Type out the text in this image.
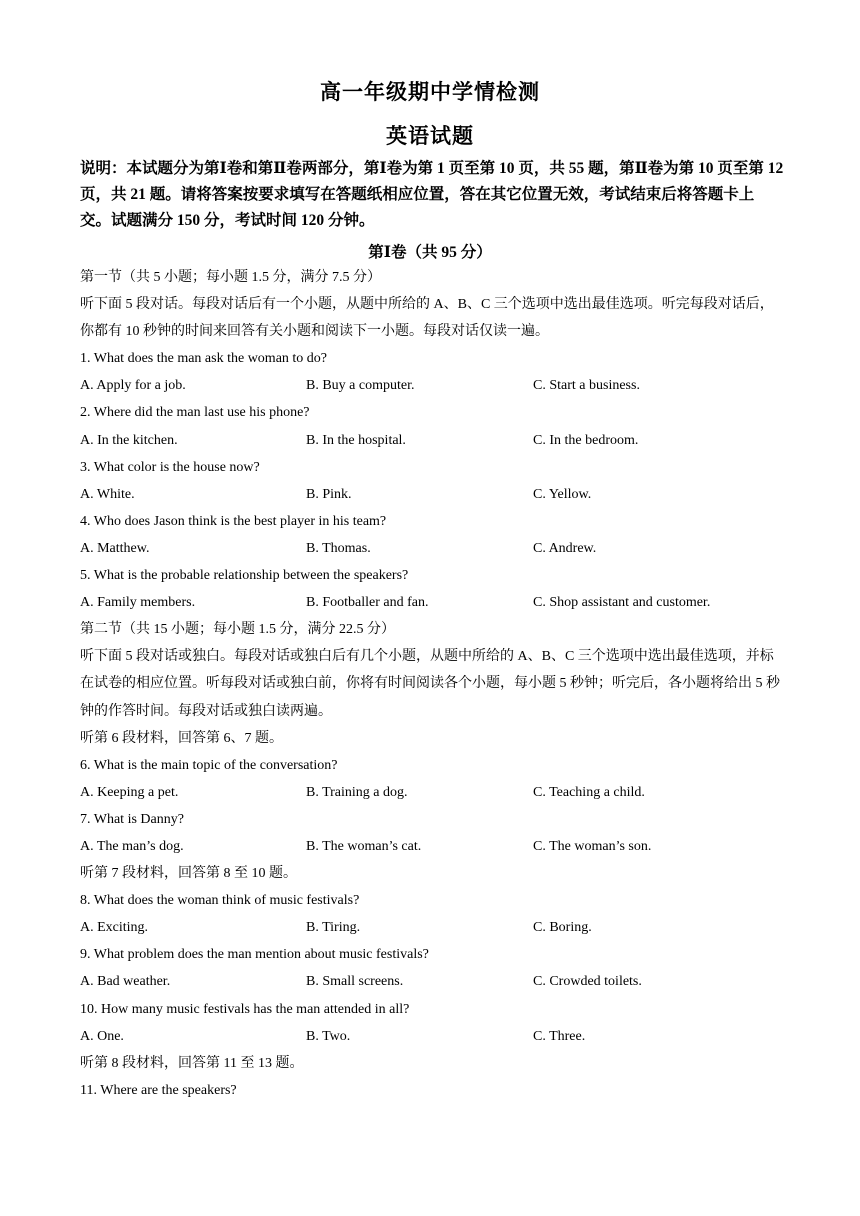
高一年级期中学情检测
英语试题
说明：本试题分为第Ⅰ卷和第Ⅱ卷两部分，第Ⅰ卷为第 1 页至第 10 页，共 55 题，第Ⅱ卷为第 10 页至第 12 页，共 21 题。请将答案按要求填写在答题纸相应位置，答在其它位置无效，考试结束后将答题卡上交。试题满分 150 分，考试时间 120 分钟。
第Ⅰ卷（共 95 分）
第一节（共 5 小题；每小题 1.5 分，满分 7.5 分）
听下面 5 段对话。每段对话后有一个小题，从题中所给的 A、B、C 三个选项中选出最佳选项。听完每段对话后，你都有 10 秒钟的时间来回答有关小题和阅读下一小题。每段对话仅读一遍。
1. What does the man ask the woman to do?
A. Apply for a job.	B. Buy a computer.	C. Start a business.
2. Where did the man last use his phone?
A. In the kitchen.	B. In the hospital.	C. In the bedroom.
3. What color is the house now?
A. White.	B. Pink.	C. Yellow.
4. Who does Jason think is the best player in his team?
A. Matthew.	B. Thomas.	C. Andrew.
5. What is the probable relationship between the speakers?
A. Family members.	B. Footballer and fan.	C. Shop assistant and customer.
第二节（共 15 小题；每小题 1.5 分，满分 22.5 分）
听下面 5 段对话或独白。每段对话或独白后有几个小题，从题中所给的 A、B、C 三个选项中选出最佳选项，并标在试卷的相应位置。听每段对话或独白前，你将有时间阅读各个小题，每小题 5 秒钟；听完后，各小题将给出 5 秒钟的作答时间。每段对话或独白读两遍。
听第 6 段材料，回答第 6、7 题。
6. What is the main topic of the conversation?
A. Keeping a pet.	B. Training a dog.	C. Teaching a child.
7. What is Danny?
A. The man’s dog.	B. The woman’s cat.	C. The woman’s son.
听第 7 段材料，回答第 8 至 10 题。
8. What does the woman think of music festivals?
A. Exciting.	B. Tiring.	C. Boring.
9. What problem does the man mention about music festivals?
A. Bad weather.	B. Small screens.	C. Crowded toilets.
10. How many music festivals has the man attended in all?
A. One.	B. Two.	C. Three.
听第 8 段材料，回答第 11 至 13 题。
11. Where are the speakers?
